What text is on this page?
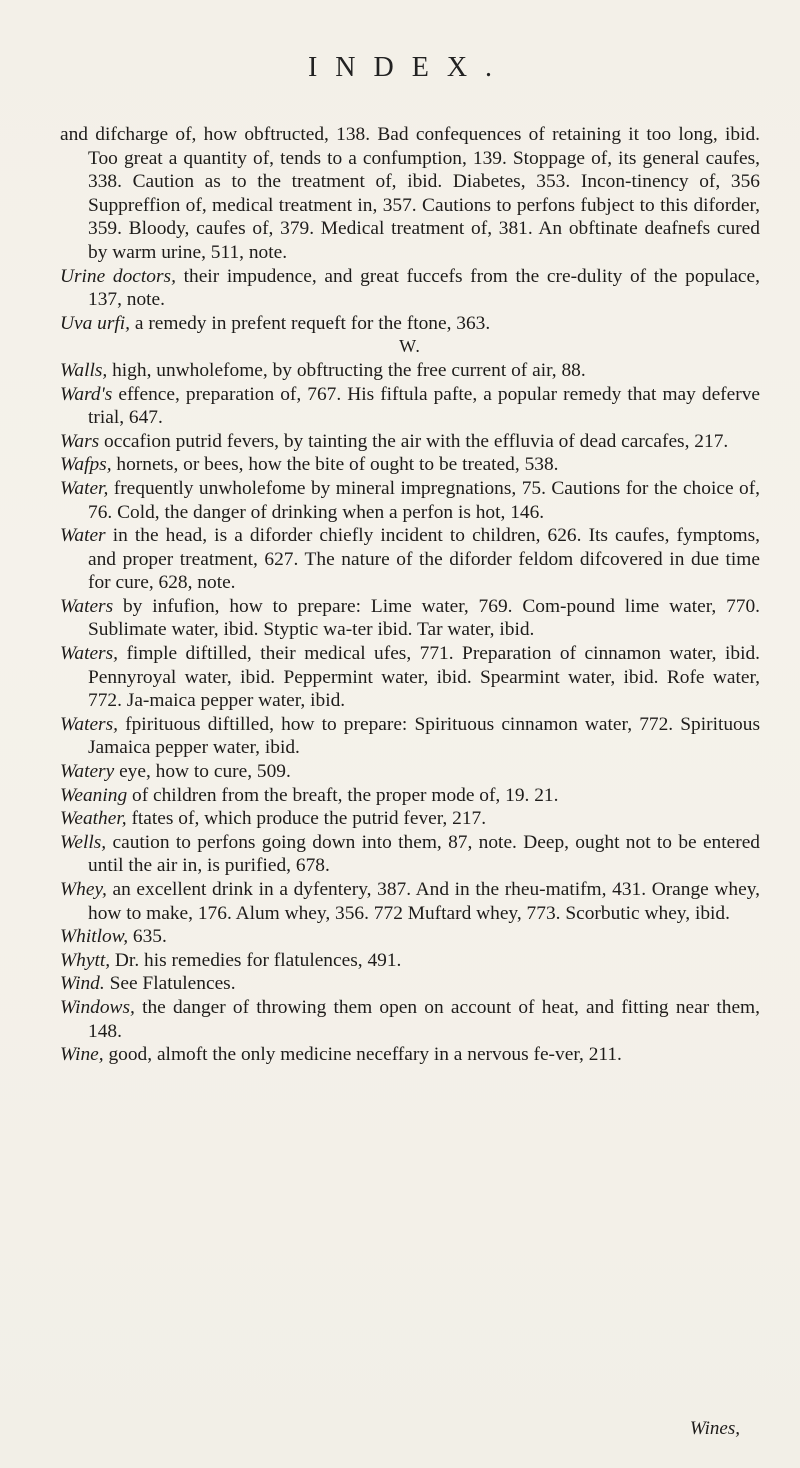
INDEX.

and difcharge of, how obftructed, 138. Bad confequences of retaining it too long, ibid. Too great a quantity of, tends to a confumption, 139. Stoppage of, its general caufes, 338. Caution as to the treatment of, ibid. Diabetes, 353. Incon-tinency of, 356 Suppreffion of, medical treatment in, 357. Cautions to perfons fubject to this diforder, 359. Bloody, caufes of, 379. Medical treatment of, 381. An obftinate deafnefs cured by warm urine, 511, note.

Urine doctors, their impudence, and great fuccefs from the cre-dulity of the populace, 137, note.

Uva urfi, a remedy in prefent requeft for the ftone, 363.

W.

Walls, high, unwholefome, by obftructing the free current of air, 88.

Ward's effence, preparation of, 767. His fiftula pafte, a popular remedy that may deferve trial, 647.

Wars occafion putrid fevers, by tainting the air with the effluvia of dead carcafes, 217.

Wafps, hornets, or bees, how the bite of ought to be treated, 538.

Water, frequently unwholefome by mineral impregnations, 75. Cautions for the choice of, 76. Cold, the danger of drinking when a perfon is hot, 146.

Water in the head, is a diforder chiefly incident to children, 626. Its caufes, fymptoms, and proper treatment, 627. The nature of the diforder feldom difcovered in due time for cure, 628, note.

Waters by infufion, how to prepare: Lime water, 769. Com-pound lime water, 770. Sublimate water, ibid. Styptic wa-ter ibid. Tar water, ibid.

Waters, fimple diftilled, their medical ufes, 771. Preparation of cinnamon water, ibid. Pennyroyal water, ibid. Peppermint water, ibid. Spearmint water, ibid. Rofe water, 772. Ja-maica pepper water, ibid.

Waters, fpirituous diftilled, how to prepare: Spirituous cinnamon water, 772. Spirituous Jamaica pepper water, ibid.

Watery eye, how to cure, 509.

Weaning of children from the breaft, the proper mode of, 19. 21.

Weather, ftates of, which produce the putrid fever, 217.

Wells, caution to perfons going down into them, 87, note. Deep, ought not to be entered until the air in, is purified, 678.

Whey, an excellent drink in a dyfentery, 387. And in the rheu-matifm, 431. Orange whey, how to make, 176. Alum whey, 356. 772 Muftard whey, 773. Scorbutic whey, ibid.

Whitlow, 635.

Whytt, Dr. his remedies for flatulences, 491.

Wind. See Flatulences.

Windows, the danger of throwing them open on account of heat, and fitting near them, 148.

Wine, good, almoft the only medicine neceffary in a nervous fe-ver, 211.

Wines,
